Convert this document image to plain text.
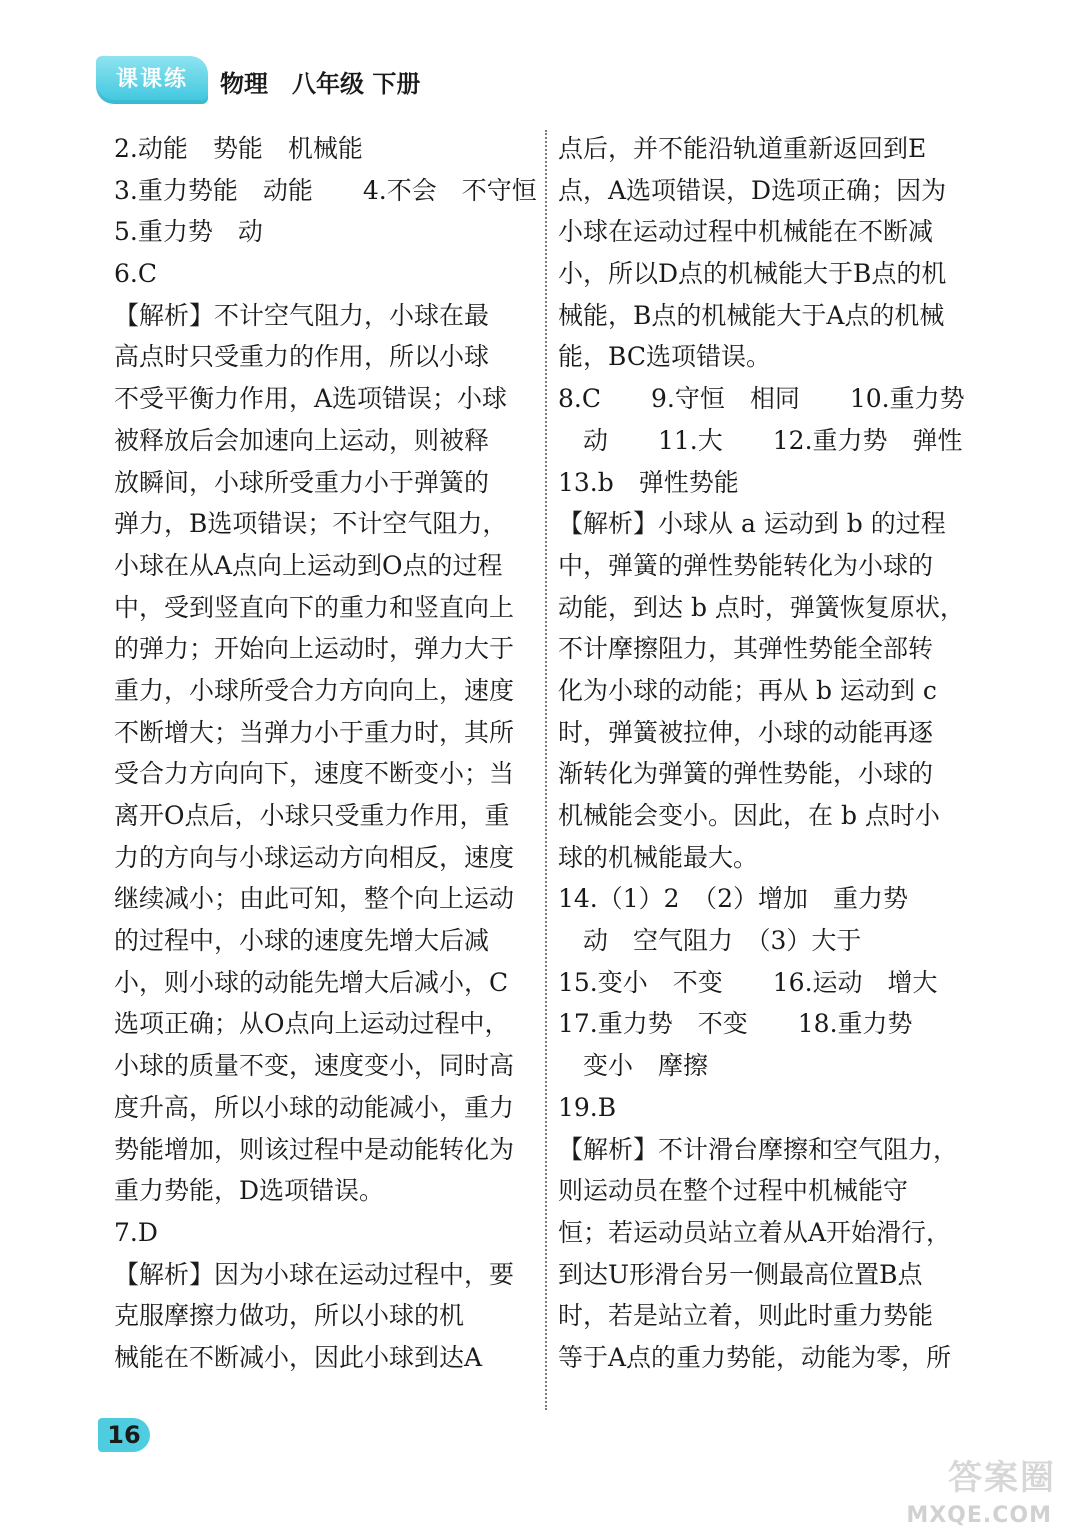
课课练	物理　八年级 下册
2.动能　势能　机械能
3.重力势能　动能　　4.不会　不守恒
5.重力势　动
6.C
【解析】不计空气阻力，小球在最
高点时只受重力的作用，所以小球
不受平衡力作用，A选项错误；小球
被释放后会加速向上运动，则被释
放瞬间，小球所受重力小于弹簧的
弹力，B选项错误；不计空气阻力，
小球在从A点向上运动到O点的过程
中，受到竖直向下的重力和竖直向上
的弹力；开始向上运动时，弹力大于
重力，小球所受合力方向向上，速度
不断增大；当弹力小于重力时，其所
受合力方向向下，速度不断变小；当
离开O点后，小球只受重力作用，重
力的方向与小球运动方向相反，速度
继续减小；由此可知，整个向上运动
的过程中，小球的速度先增大后减
小，则小球的动能先增大后减小，C
选项正确；从O点向上运动过程中，
小球的质量不变，速度变小，同时高
度升高，所以小球的动能减小，重力
势能增加，则该过程中是动能转化为
重力势能，D选项错误。
7.D
【解析】因为小球在运动过程中，要
克服摩擦力做功，所以小球的机
械能在不断减小，因此小球到达A
点后，并不能沿轨道重新返回到E
点，A选项错误，D选项正确；因为
小球在运动过程中机械能在不断减
小，所以D点的机械能大于B点的机
械能，B点的机械能大于A点的机械
能，BC选项错误。
8.C　　9.守恒　相同　　10.重力势
　动　　11.大　　12.重力势　弹性
13.b　弹性势能
【解析】小球从 a 运动到 b 的过程
中，弹簧的弹性势能转化为小球的
动能，到达 b 点时，弹簧恢复原状，
不计摩擦阻力，其弹性势能全部转
化为小球的动能；再从 b 运动到 c
时，弹簧被拉伸，小球的动能再逐
渐转化为弹簧的弹性势能，小球的
机械能会变小。因此，在 b 点时小
球的机械能最大。
14.（1）2　（2）增加　重力势
　动　空气阻力　（3）大于
15.变小　不变　　16.运动　增大
17.重力势　不变　　18.重力势
　变小　摩擦
19.B
【解析】不计滑台摩擦和空气阻力，
则运动员在整个过程中机械能守
恒；若运动员站立着从A开始滑行，
到达U形滑台另一侧最高位置B点
时，若是站立着，则此时重力势能
等于A点的重力势能，动能为零，所
16
答案圈
MXQE.COM
